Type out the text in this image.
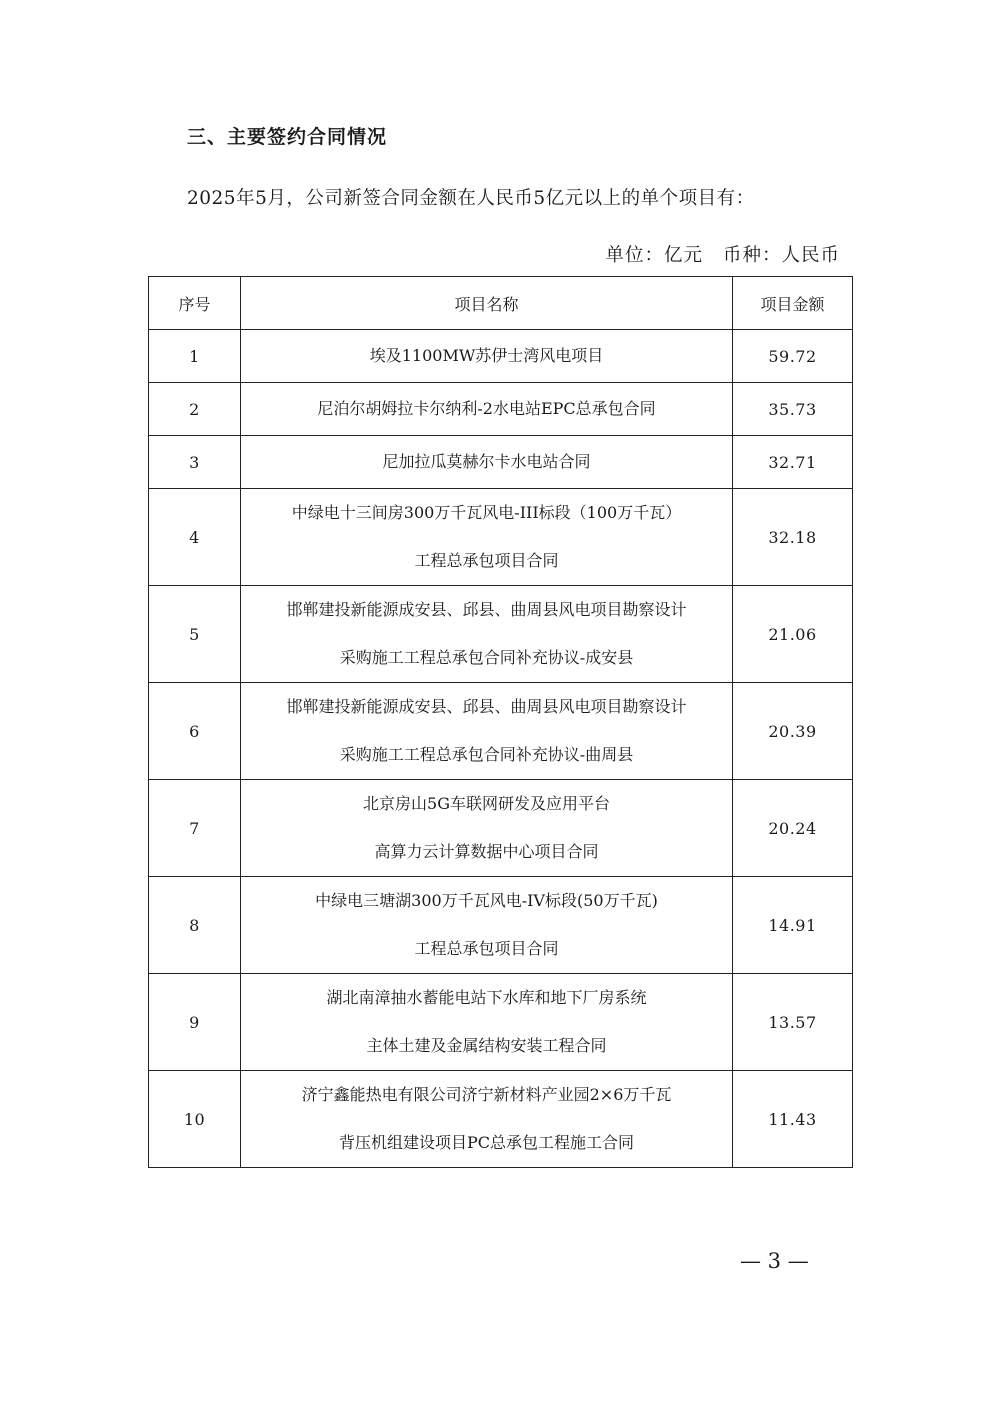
三、主要签约合同情况
2025年5月，公司新签合同金额在人民币5亿元以上的单个项目有：
单位：亿元 币种：人民币
序号	项目名称	项目金额
1	埃及1100MW苏伊士湾风电项目	59.72
2	尼泊尔胡姆拉卡尔纳利-2水电站EPC总承包合同	35.73
3	尼加拉瓜莫赫尔卡水电站合同	32.71
4	中绿电十三间房300万千瓦风电-III标段（100万千瓦）
工程总承包项目合同	32.18
5	邯郸建投新能源成安县、邱县、曲周县风电项目勘察设计
采购施工工程总承包合同补充协议-成安县	21.06
6	邯郸建投新能源成安县、邱县、曲周县风电项目勘察设计
采购施工工程总承包合同补充协议-曲周县	20.39
7	北京房山5G车联网研发及应用平台
高算力云计算数据中心项目合同	20.24
8	中绿电三塘湖300万千瓦风电-IV标段(50万千瓦)
工程总承包项目合同	14.91
9	湖北南漳抽水蓄能电站下水库和地下厂房系统
主体土建及金属结构安装工程合同	13.57
10	济宁鑫能热电有限公司济宁新材料产业园2×6万千瓦
背压机组建设项目PC总承包工程施工合同	11.43
— 3 —
